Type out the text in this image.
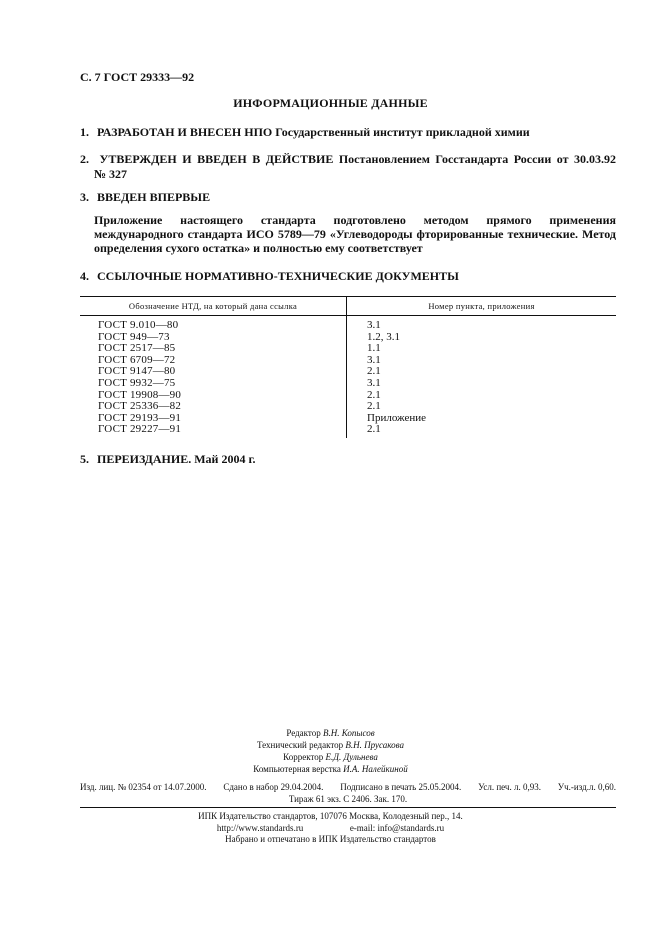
С. 7 ГОСТ 29333—92
ИНФОРМАЦИОННЫЕ ДАННЫЕ
1. РАЗРАБОТАН И ВНЕСЕН НПО Государственный институт прикладной химии
2. УТВЕРЖДЕН И ВВЕДЕН В ДЕЙСТВИЕ Постановлением Госстандарта России от 30.03.92
№ 327
3. ВВЕДЕН ВПЕРВЫЕ
Приложение настоящего стандарта подготовлено методом прямого применения международного стандарта ИСО 5789—79 «Углеводороды фторированные технические. Метод определения сухого остатка» и полностью ему соответствует
4. ССЫЛОЧНЫЕ НОРМАТИВНО-ТЕХНИЧЕСКИЕ ДОКУМЕНТЫ
Обозначение НТД, на который дана ссылка	Номер пункта, приложения
ГОСТ 9.010—80	3.1
ГОСТ 949—73	1.2, 3.1
ГОСТ 2517—85	1.1
ГОСТ 6709—72	3.1
ГОСТ 9147—80	2.1
ГОСТ 9932—75	3.1
ГОСТ 19908—90	2.1
ГОСТ 25336—82	2.1
ГОСТ 29193—91	Приложение
ГОСТ 29227—91	2.1
5. ПЕРЕИЗДАНИЕ. Май 2004 г.
Редактор В.Н. Копысов
Технический редактор В.Н. Прусакова
Корректор Е.Д. Дульнева
Компьютерная верстка И.А. Налейкиной
Изд. лиц. № 02354 от 14.07.2000. Сдано в набор 29.04.2004. Подписано в печать 25.05.2004. Усл. печ. л. 0,93. Уч.-изд.л. 0,60.
Тираж 61 экз. С 2406. Зак. 170.
ИПК Издательство стандартов, 107076 Москва, Колодезный пер., 14.
http://www.standards.ru	e-mail: info@standards.ru
Набрано и отпечатано в ИПК Издательство стандартов
